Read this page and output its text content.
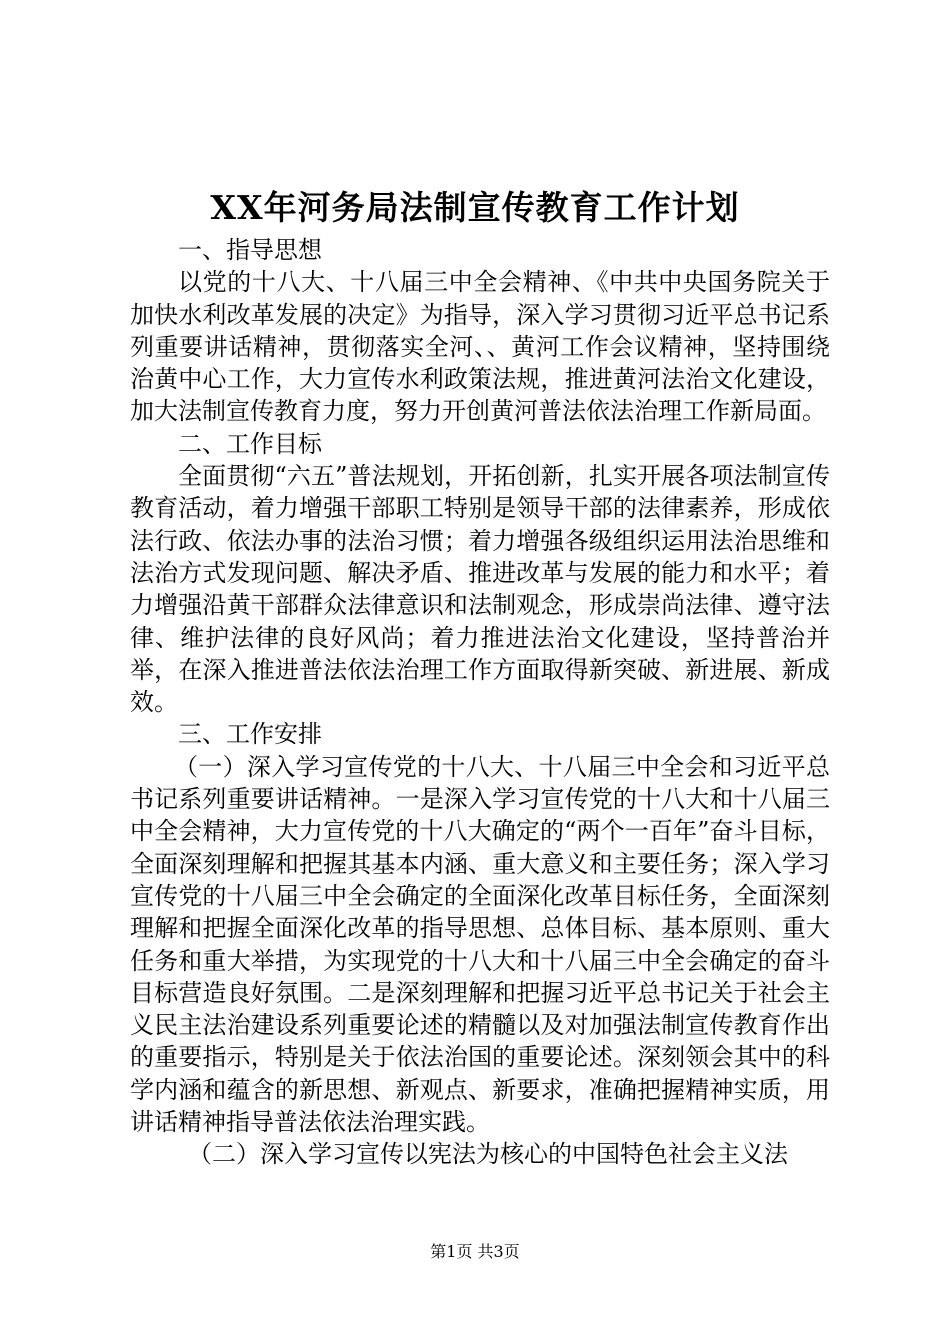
XX年河务局法制宣传教育工作计划

一、指导思想

以党的十八大、十八届三中全会精神、《中共中央国务院关于加快水利改革发展的决定》为指导，深入学习贯彻习近平总书记系列重要讲话精神，贯彻落实全河、、黄河工作会议精神，坚持围绕治黄中心工作，大力宣传水利政策法规，推进黄河法治文化建设，加大法制宣传教育力度，努力开创黄河普法依法治理工作新局面。

二、工作目标

全面贯彻“六五”普法规划，开拓创新，扎实开展各项法制宣传教育活动，着力增强干部职工特别是领导干部的法律素养，形成依法行政、依法办事的法治习惯；着力增强各级组织运用法治思维和法治方式发现问题、解决矛盾、推进改革与发展的能力和水平；着力增强沿黄干部群众法律意识和法制观念，形成崇尚法律、遵守法律、维护法律的良好风尚；着力推进法治文化建设，坚持普治并举，在深入推进普法依法治理工作方面取得新突破、新进展、新成效。

三、工作安排

（一）深入学习宣传党的十八大、十八届三中全会和习近平总书记系列重要讲话精神。一是深入学习宣传党的十八大和十八届三中全会精神，大力宣传党的十八大确定的“两个一百年”奋斗目标，全面深刻理解和把握其基本内涵、重大意义和主要任务；深入学习宣传党的十八届三中全会确定的全面深化改革目标任务，全面深刻理解和把握全面深化改革的指导思想、总体目标、基本原则、重大任务和重大举措，为实现党的十八大和十八届三中全会确定的奋斗目标营造良好氛围。二是深刻理解和把握习近平总书记关于社会主义民主法治建设系列重要论述的精髓以及对加强法制宣传教育作出的重要指示，特别是关于依法治国的重要论述。深刻领会其中的科学内涵和蕴含的新思想、新观点、新要求，准确把握精神实质，用讲话精神指导普法依法治理实践。

（二）深入学习宣传以宪法为核心的中国特色社会主义法

第1页 共3页
